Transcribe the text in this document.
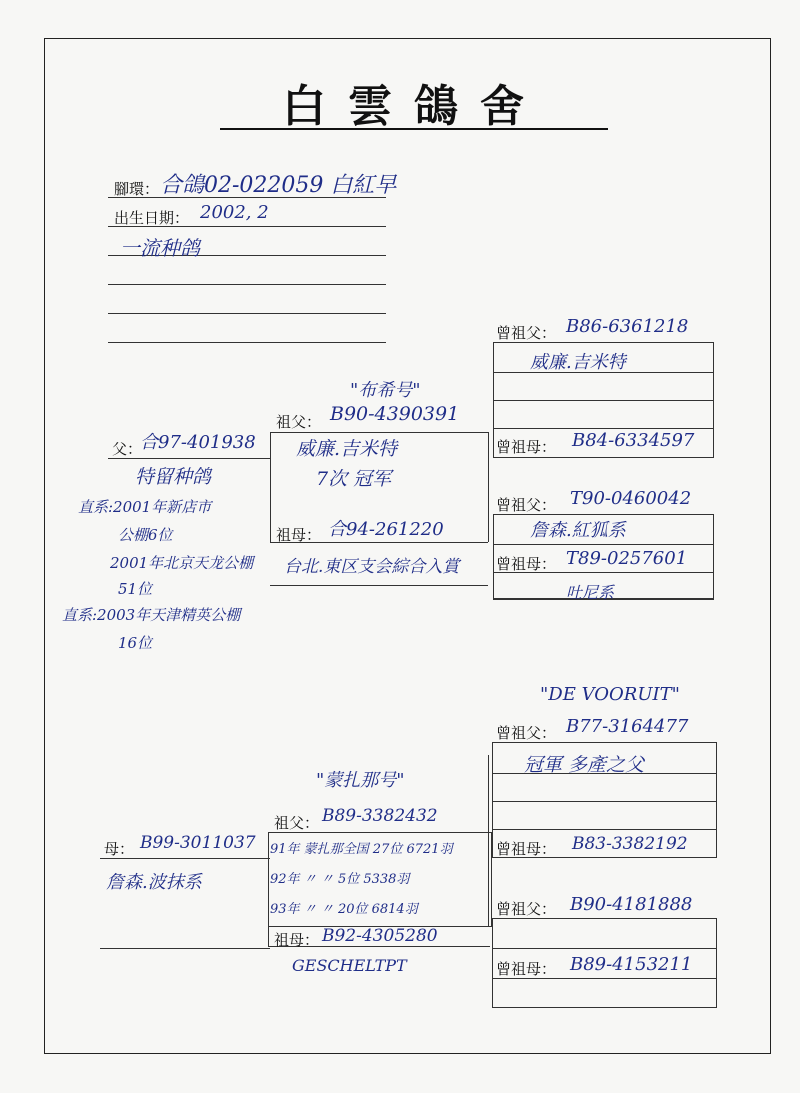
白雲鴿舍
腳環： 合鴿02-022059 白紅早
出生日期： 2002, 2
一流种鸽
父：
合97-401938
特留种鸽
直系:2001年新店市
公棚6位
2001年北京天龙公棚
51位
直系:2003年天津精英公棚
16位
"布希号"
祖父： B90-4390391
威廉.吉米特
7次 冠军
祖母： 合94-261220
台北.東区支会綜合入賞
曾祖父： B86-6361218
威廉.吉米特
曾祖母： B84-6334597
曾祖父： T90-0460042
詹森.紅狐系
曾祖母： T89-0257601
吐尼系
母： B99-3011037
詹森.波抹系
"蒙扎那号"
祖父： B89-3382432
91年 蒙扎那全国 27位 6721羽
92年 〃 〃 5位 5338羽
93年 〃 〃 20位 6814羽
祖母： B92-4305280
GESCHELTPT
"DE VOORUIT"
曾祖父： B77-3164477
冠軍 多產之父
曾祖母： B83-3382192
曾祖父： B90-4181888
曾祖母： B89-4153211
